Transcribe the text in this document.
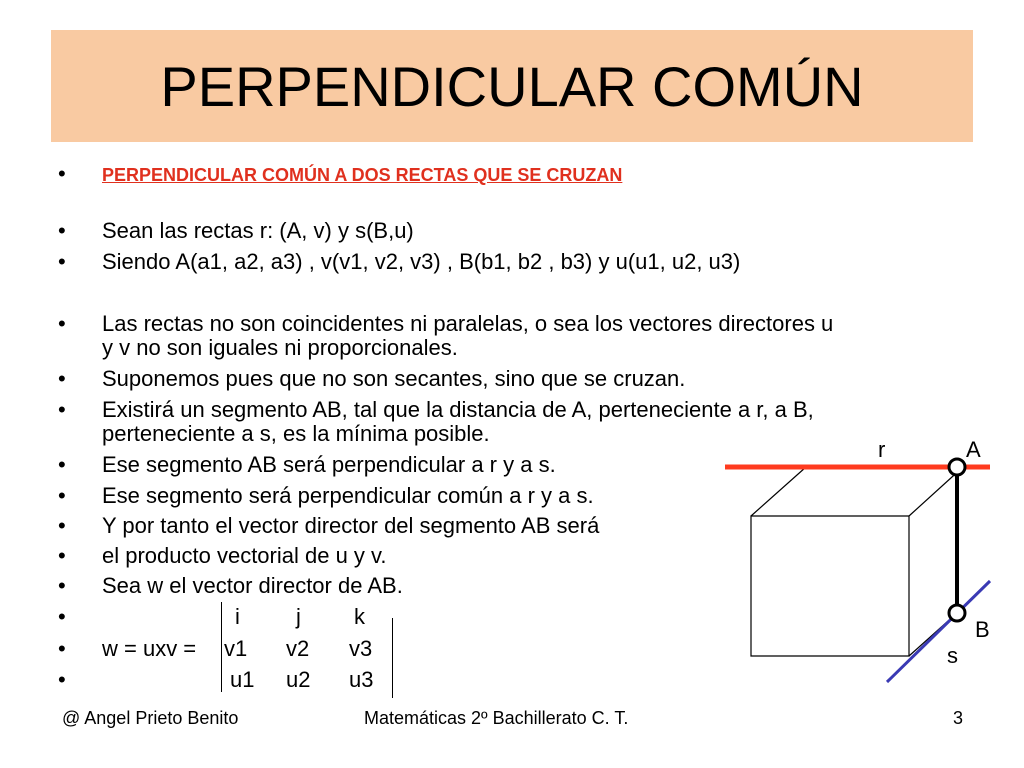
PERPENDICULAR COMÚN
• PERPENDICULAR COMÚN A DOS RECTAS QUE SE CRUZAN
• Sean las rectas r: (A, v) y s(B,u)
• Siendo A(a1, a2, a3) , v(v1, v2, v3) , B(b1, b2 , b3) y u(u1, u2, u3)
• Las rectas no son coincidentes ni paralelas, o sea los vectores directores u
y v no son iguales ni proporcionales.
• Suponemos pues que no son secantes, sino que se cruzan.
• Existirá un segmento AB, tal que la distancia de A, perteneciente a r, a B,
perteneciente a s, es la mínima posible.
• Ese segmento AB será perpendicular a r y a s.
• Ese segmento será perpendicular común a r y a s.
• Y por tanto el vector director del segmento AB será
• el producto vectorial de u y v.
• Sea w el vector director de AB.
•
•
•
w = uxv =
i	j k
v1 v2 v3
u1 u2 u3
r	A
B
s
@ Angel Prieto Benito	Matemáticas 2º Bachillerato C. T.	3
